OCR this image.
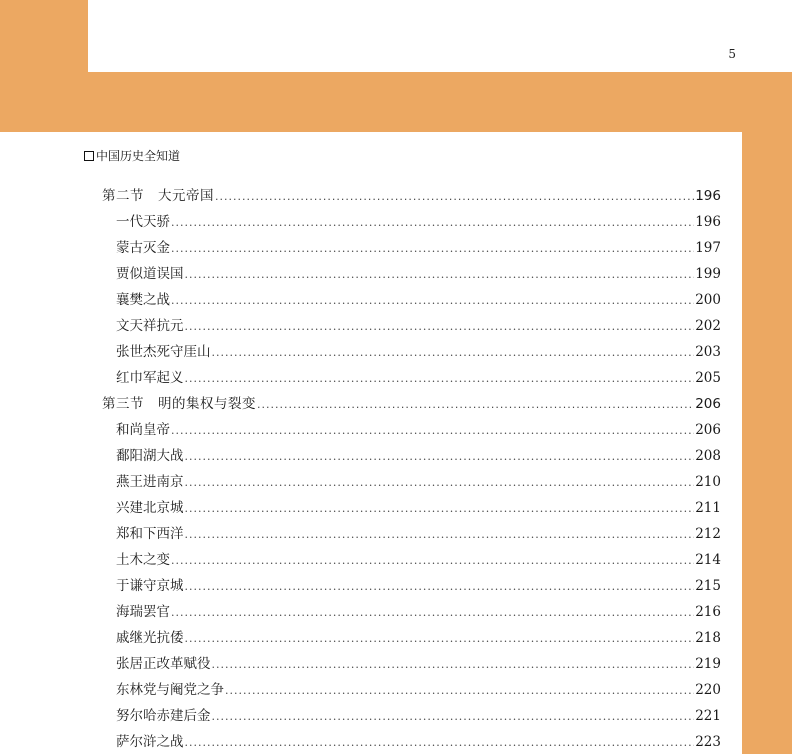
5
中国历史全知道
第二节　大元帝国 .....	196
一代天骄 .....	196
蒙古灭金 .....	197
贾似道误国 .....	199
襄樊之战 .....	200
文天祥抗元 .....	202
张世杰死守厓山 .....	203
红巾军起义 .....	205
第三节　明的集权与裂变 .....	206
和尚皇帝 .....	206
鄱阳湖大战 .....	208
燕王进南京 .....	210
兴建北京城 .....	211
郑和下西洋 .....	212
土木之变 .....	214
于谦守京城 .....	215
海瑞罢官 .....	216
戚继光抗倭 .....	218
张居正改革赋役 .....	219
东林党与阉党之争 .....	220
努尔哈赤建后金 .....	221
萨尔浒之战 .....	223
